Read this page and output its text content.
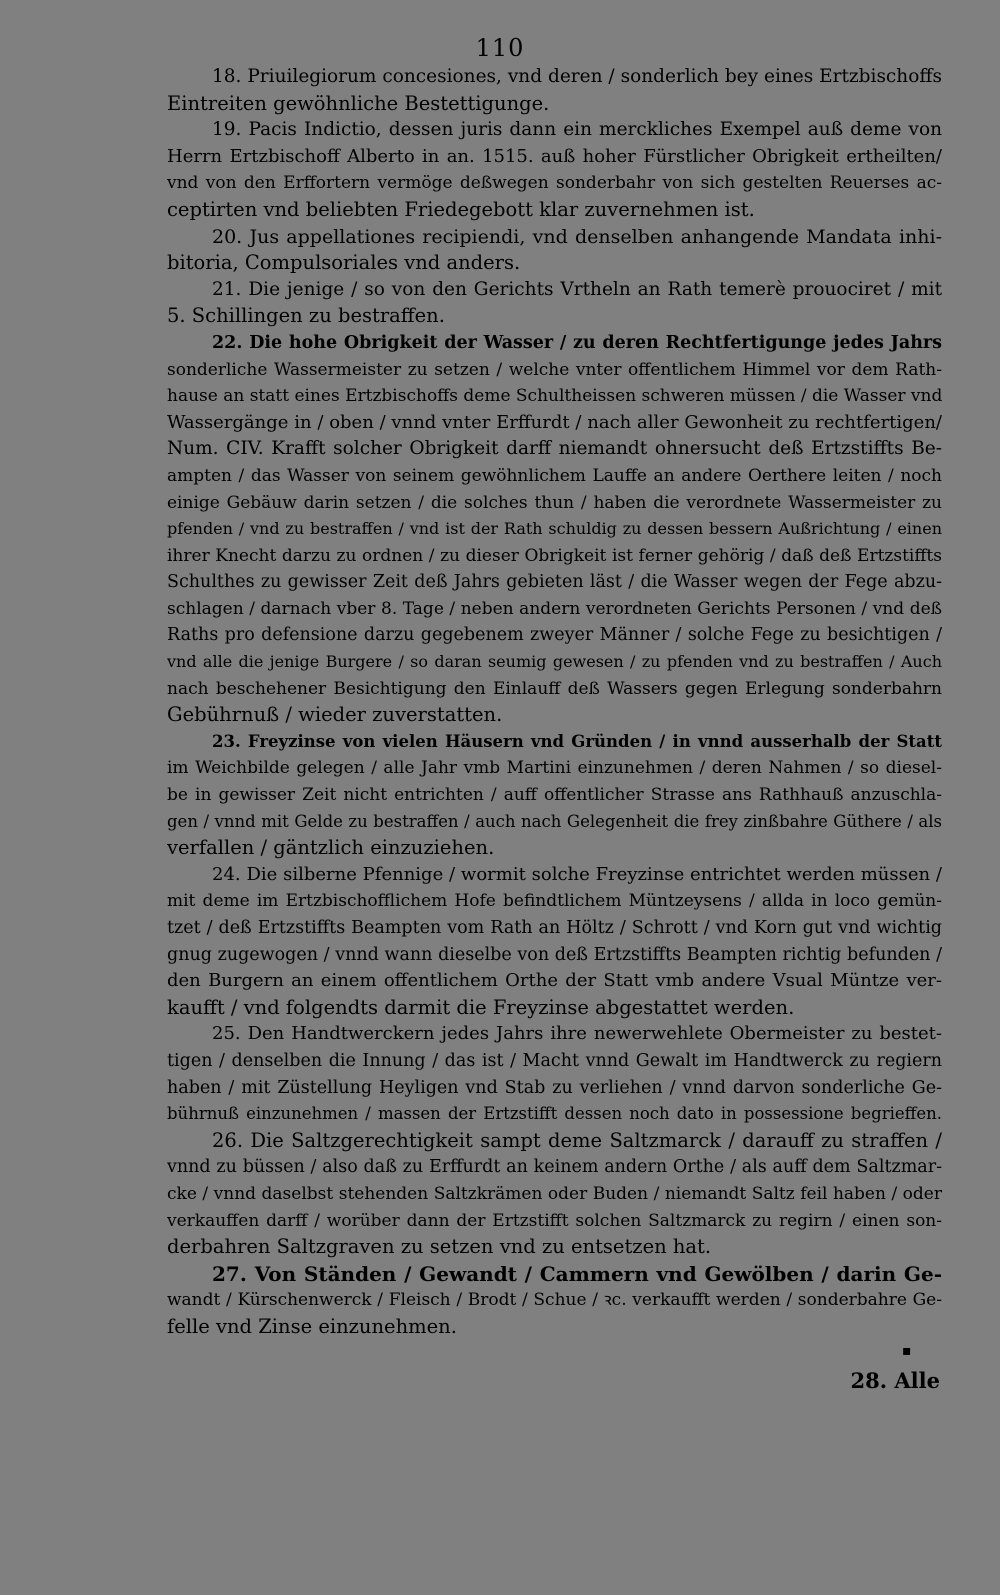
110
18. Priuilegiorum concesiones, vnd deren / sonderlich bey eines Ertzbischoffs
Eintreiten gewöhnliche Bestettigunge.
19. Pacis Indictio, dessen juris dann ein merckliches Exempel auß deme von
Herrn Ertzbischoff Alberto in an. 1515. auß hoher Fürstlicher Obrigkeit ertheilten/
vnd von den Erffortern vermöge deßwegen sonderbahr von sich gestelten Reuerses ac-
ceptirten vnd beliebten Friedegebott klar zuvernehmen ist.
20. Jus appellationes recipiendi, vnd denselben anhangende Mandata inhi-
bitoria, Compulsoriales vnd anders.
21. Die jenige / so von den Gerichts Vrtheln an Rath temerè prouociret / mit
5. Schillingen zu bestraffen.
22. Die hohe Obrigkeit der Wasser / zu deren Rechtfertigunge jedes Jahrs
sonderliche Wassermeister zu setzen / welche vnter offentlichem Himmel vor dem Rath-
hause an statt eines Ertzbischoffs deme Schultheissen schweren müssen / die Wasser vnd
Wassergänge in / oben / vnnd vnter Erffurdt / nach aller Gewonheit zu rechtfertigen/
Num. CIV. Krafft solcher Obrigkeit darff niemandt ohnersucht deß Ertzstiffts Be-
ampten / das Wasser von seinem gewöhnlichem Lauffe an andere Oerthere leiten / noch
einige Gebäuw darin setzen / die solches thun / haben die verordnete Wassermeister zu
pfenden / vnd zu bestraffen / vnd ist der Rath schuldig zu dessen bessern Außrichtung / einen
ihrer Knecht darzu zu ordnen / zu dieser Obrigkeit ist ferner gehörig / daß deß Ertzstiffts
Schulthes zu gewisser Zeit deß Jahrs gebieten läst / die Wasser wegen der Fege abzu-
schlagen / darnach vber 8. Tage / neben andern verordneten Gerichts Personen / vnd deß
Raths pro defensione darzu gegebenem zweyer Männer / solche Fege zu besichtigen /
vnd alle die jenige Burgere / so daran seumig gewesen / zu pfenden vnd zu bestraffen / Auch
nach beschehener Besichtigung den Einlauff deß Wassers gegen Erlegung sonderbahrn
Gebührnuß / wieder zuverstatten.
23. Freyzinse von vielen Häusern vnd Gründen / in vnnd ausserhalb der Statt
im Weichbilde gelegen / alle Jahr vmb Martini einzunehmen / deren Nahmen / so diesel-
be in gewisser Zeit nicht entrichten / auff offentlicher Strasse ans Rathhauß anzuschla-
gen / vnnd mit Gelde zu bestraffen / auch nach Gelegenheit die frey zinßbahre Güthere / als
verfallen / gäntzlich einzuziehen.
24. Die silberne Pfennige / wormit solche Freyzinse entrichtet werden müssen /
mit deme im Ertzbischofflichem Hofe befindtlichem Müntzeysens / allda in loco gemün-
tzet / deß Ertzstiffts Beampten vom Rath an Höltz / Schrott / vnd Korn gut vnd wichtig
gnug zugewogen / vnnd wann dieselbe von deß Ertzstiffts Beampten richtig befunden /
den Burgern an einem offentlichem Orthe der Statt vmb andere Vsual Müntze ver-
kaufft / vnd folgendts darmit die Freyzinse abgestattet werden.
25. Den Handtwerckern jedes Jahrs ihre newerwehlete Obermeister zu bestet-
tigen / denselben die Innung / das ist / Macht vnnd Gewalt im Handtwerck zu regiern
haben / mit Züstellung Heyligen vnd Stab zu verliehen / vnnd darvon sonderliche Ge-
bührnuß einzunehmen / massen der Ertzstifft dessen noch dato in possessione begrieffen.
26. Die Saltzgerechtigkeit sampt deme Saltzmarck / darauff zu straffen /
vnnd zu büssen / also daß zu Erffurdt an keinem andern Orthe / als auff dem Saltzmar-
cke / vnnd daselbst stehenden Saltzkrämen oder Buden / niemandt Saltz feil haben / oder
verkauffen darff / worüber dann der Ertzstifft solchen Saltzmarck zu regirn / einen son-
derbahren Saltzgraven zu setzen vnd zu entsetzen hat.
27. Von Ständen / Gewandt / Cammern vnd Gewölben / darin Ge-
wandt / Kürschenwerck / Fleisch / Brodt / Schue / ꝛc. verkaufft werden / sonderbahre Ge-
felle vnd Zinse einzunehmen.
▪
28. Alle
